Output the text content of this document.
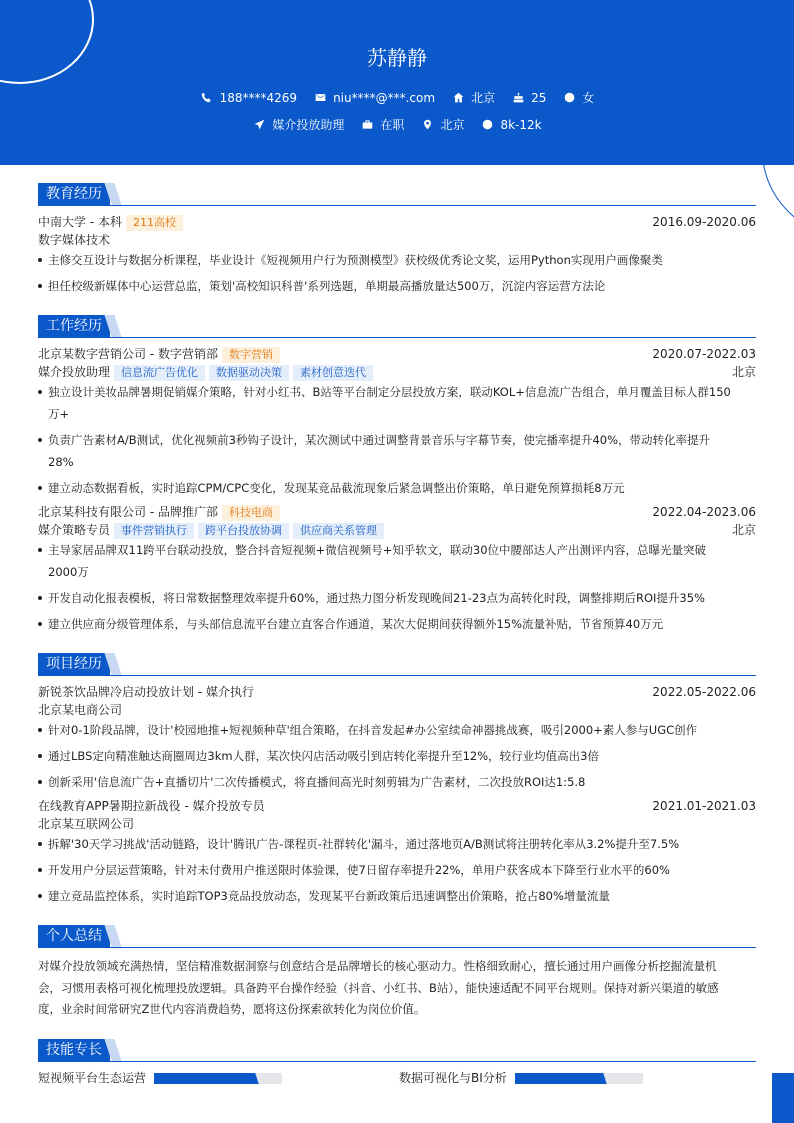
苏静静
188****4269	niu****@***.com	北京	25	女
媒介投放助理	在职	北京	8k-12k
教育经历
中南大学 - 本科 211高校	2016.09-2020.06
数字媒体技术
主修交互设计与数据分析课程，毕业设计《短视频用户行为预测模型》获校级优秀论文奖，运用Python实现用户画像聚类
担任校级新媒体中心运营总监，策划'高校知识科普'系列选题，单期最高播放量达500万，沉淀内容运营方法论
工作经历
北京某数字营销公司 - 数字营销部 数字营销	2020.07-2022.03
媒介投放助理 信息流广告优化 数据驱动决策 素材创意迭代	北京
独立设计美妆品牌暑期促销媒介策略，针对小红书、B站等平台制定分层投放方案，联动KOL+信息流广告组合，单月覆盖目标人群150
万+
负责广告素材A/B测试，优化视频前3秒钩子设计，某次测试中通过调整背景音乐与字幕节奏，使完播率提升40%，带动转化率提升
28%
建立动态数据看板，实时追踪CPM/CPC变化，发现某竞品截流现象后紧急调整出价策略，单日避免预算损耗8万元
北京某科技有限公司 - 品牌推广部 科技电商	2022.04-2023.06
媒介策略专员 事件营销执行 跨平台投放协调 供应商关系管理	北京
主导家居品牌双11跨平台联动投放，整合抖音短视频+微信视频号+知乎软文，联动30位中腰部达人产出测评内容，总曝光量突破
2000万
开发自动化报表模板，将日常数据整理效率提升60%，通过热力图分析发现晚间21-23点为高转化时段，调整排期后ROI提升35%
建立供应商分级管理体系，与头部信息流平台建立直客合作通道，某次大促期间获得额外15%流量补贴，节省预算40万元
项目经历
新锐茶饮品牌冷启动投放计划 - 媒介执行	2022.05-2022.06
北京某电商公司
针对0-1阶段品牌，设计'校园地推+短视频种草'组合策略，在抖音发起#办公室续命神器挑战赛，吸引2000+素人参与UGC创作
通过LBS定向精准触达商圈周边3km人群，某次快闪店活动吸引到店转化率提升至12%，较行业均值高出3倍
创新采用'信息流广告+直播切片'二次传播模式，将直播间高光时刻剪辑为广告素材，二次投放ROI达1:5.8
在线教育APP暑期拉新战役 - 媒介投放专员	2021.01-2021.03
北京某互联网公司
拆解'30天学习挑战'活动链路，设计'腾讯广告-课程页-社群转化'漏斗，通过落地页A/B测试将注册转化率从3.2%提升至7.5%
开发用户分层运营策略，针对未付费用户推送限时体验课，使7日留存率提升22%，单用户获客成本下降至行业水平的60%
建立竞品监控体系，实时追踪TOP3竞品投放动态，发现某平台新政策后迅速调整出价策略，抢占80%增量流量
个人总结
对媒介投放领域充满热情，坚信精准数据洞察与创意结合是品牌增长的核心驱动力。性格细致耐心，擅长通过用户画像分析挖掘流量机
会，习惯用表格可视化梳理投放逻辑。具备跨平台操作经验（抖音、小红书、B站），能快速适配不同平台规则。保持对新兴渠道的敏感
度，业余时间常研究Z世代内容消费趋势，愿将这份探索欲转化为岗位价值。
技能专长
短视频平台生态运营	数据可视化与BI分析
